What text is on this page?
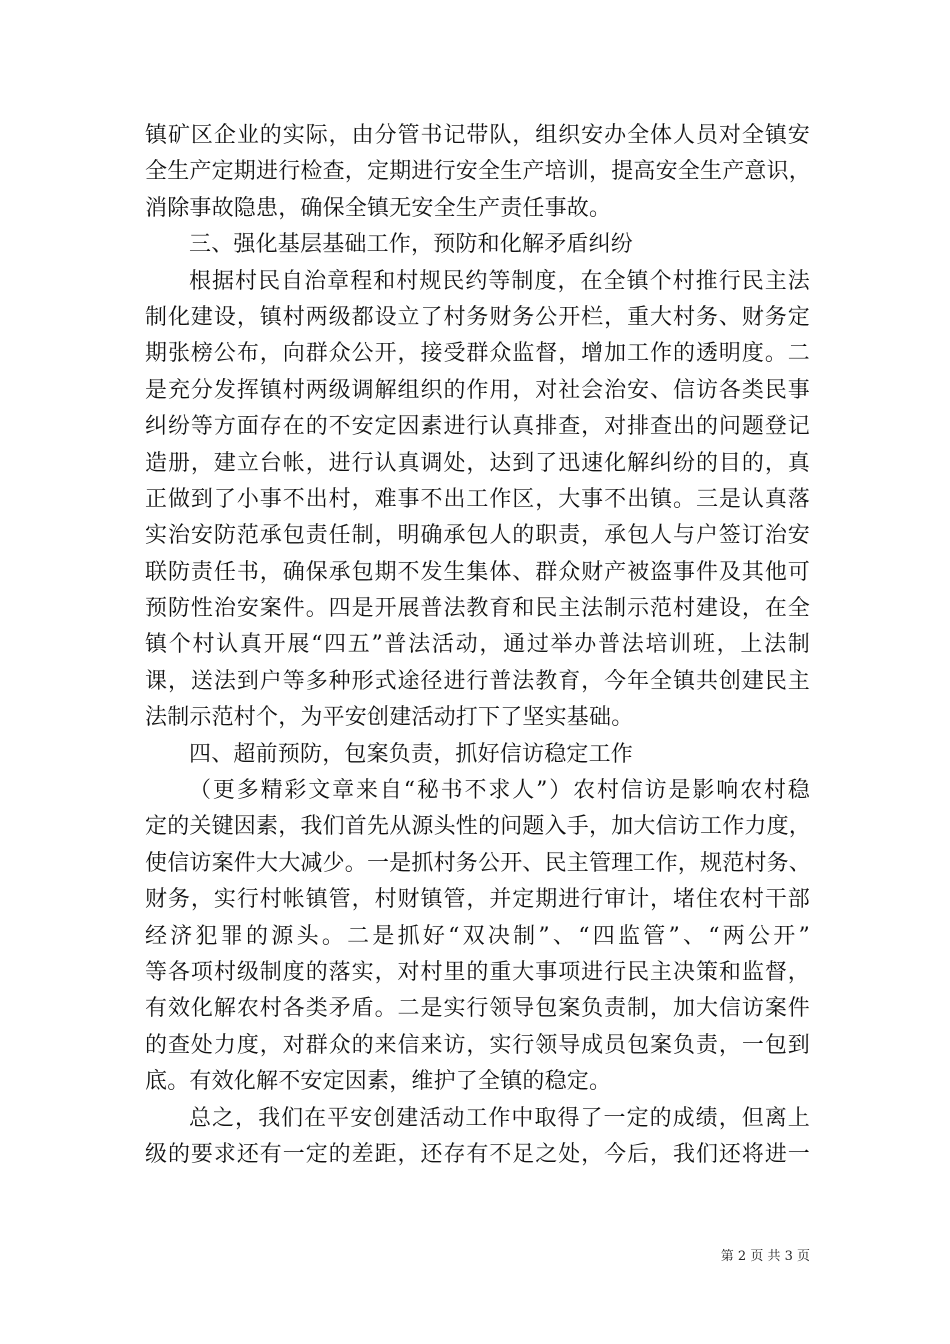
镇矿区企业的实际，由分管书记带队，组织安办全体人员对全镇安
全生产定期进行检查，定期进行安全生产培训，提高安全生产意识，
消除事故隐患，确保全镇无安全生产责任事故。
三、强化基层基础工作，预防和化解矛盾纠纷
根据村民自治章程和村规民约等制度，在全镇个村推行民主法
制化建设，镇村两级都设立了村务财务公开栏，重大村务、财务定
期张榜公布，向群众公开，接受群众监督，增加工作的透明度。二
是充分发挥镇村两级调解组织的作用，对社会治安、信访各类民事
纠纷等方面存在的不安定因素进行认真排查，对排查出的问题登记
造册，建立台帐，进行认真调处，达到了迅速化解纠纷的目的，真
正做到了小事不出村，难事不出工作区，大事不出镇。三是认真落
实治安防范承包责任制，明确承包人的职责，承包人与户签订治安
联防责任书，确保承包期不发生集体、群众财产被盗事件及其他可
预防性治安案件。四是开展普法教育和民主法制示范村建设，在全
镇个村认真开展“四五”普法活动，通过举办普法培训班，上法制
课，送法到户等多种形式途径进行普法教育，今年全镇共创建民主
法制示范村个，为平安创建活动打下了坚实基础。
四、超前预防，包案负责，抓好信访稳定工作
（更多精彩文章来自“秘书不求人”）农村信访是影响农村稳
定的关键因素，我们首先从源头性的问题入手，加大信访工作力度，
使信访案件大大减少。一是抓村务公开、民主管理工作，规范村务、
财务，实行村帐镇管，村财镇管，并定期进行审计，堵住农村干部
经济犯罪的源头。二是抓好“双决制”、“四监管”、“两公开”
等各项村级制度的落实，对村里的重大事项进行民主决策和监督，
有效化解农村各类矛盾。二是实行领导包案负责制，加大信访案件
的查处力度，对群众的来信来访，实行领导成员包案负责，一包到
底。有效化解不安定因素，维护了全镇的稳定。
总之，我们在平安创建活动工作中取得了一定的成绩，但离上
级的要求还有一定的差距，还存有不足之处，今后，我们还将进一
第 2 页 共 3 页
